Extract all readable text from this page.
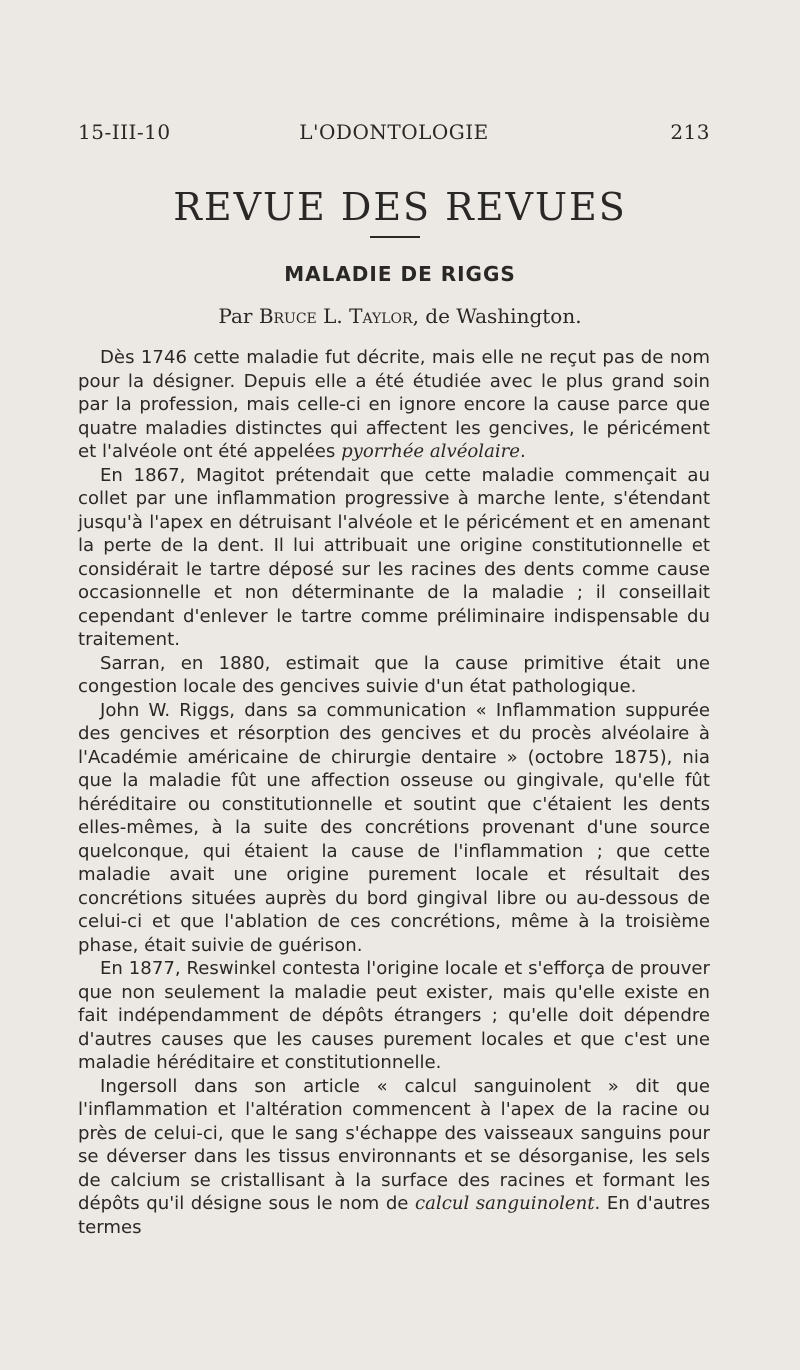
15-III-10	L'ODONTOLOGIE	213
REVUE DES REVUES
MALADIE DE RIGGS
Par Bruce L. Taylor, de Washington.

Dès 1746 cette maladie fut décrite, mais elle ne reçut pas de nom pour la désigner. Depuis elle a été étudiée avec le plus grand soin par la profession, mais celle-ci en ignore encore la cause parce que quatre maladies distinctes qui affectent les gencives, le péricément et l'alvéole ont été appelées pyorrhée alvéolaire.

En 1867, Magitot prétendait que cette maladie commençait au collet par une inflammation progressive à marche lente, s'étendant jusqu'à l'apex en détruisant l'alvéole et le péricément et en amenant la perte de la dent. Il lui attribuait une origine constitutionnelle et considérait le tartre déposé sur les racines des dents comme cause occasionnelle et non déterminante de la maladie ; il conseillait cependant d'enlever le tartre comme préliminaire indispensable du traitement.

Sarran, en 1880, estimait que la cause primitive était une congestion locale des gencives suivie d'un état pathologique.

John W. Riggs, dans sa communication « Inflammation suppurée des gencives et résorption des gencives et du procès alvéolaire à l'Académie américaine de chirurgie dentaire » (octobre 1875), nia que la maladie fût une affection osseuse ou gingivale, qu'elle fût héréditaire ou constitutionnelle et soutint que c'étaient les dents elles-mêmes, à la suite des concrétions provenant d'une source quelconque, qui étaient la cause de l'inflammation ; que cette maladie avait une origine purement locale et résultait des concrétions situées auprès du bord gingival libre ou au-dessous de celui-ci et que l'ablation de ces concrétions, même à la troisième phase, était suivie de guérison.

En 1877, Reswinkel contesta l'origine locale et s'efforça de prouver que non seulement la maladie peut exister, mais qu'elle existe en fait indépendamment de dépôts étrangers ; qu'elle doit dépendre d'autres causes que les causes purement locales et que c'est une maladie héréditaire et constitutionnelle.

Ingersoll dans son article « calcul sanguinolent » dit que l'inflammation et l'altération commencent à l'apex de la racine ou près de celui-ci, que le sang s'échappe des vaisseaux sanguins pour se déverser dans les tissus environnants et se désorganise, les sels de calcium se cristallisant à la surface des racines et formant les dépôts qu'il désigne sous le nom de calcul sanguinolent. En d'autres termes
